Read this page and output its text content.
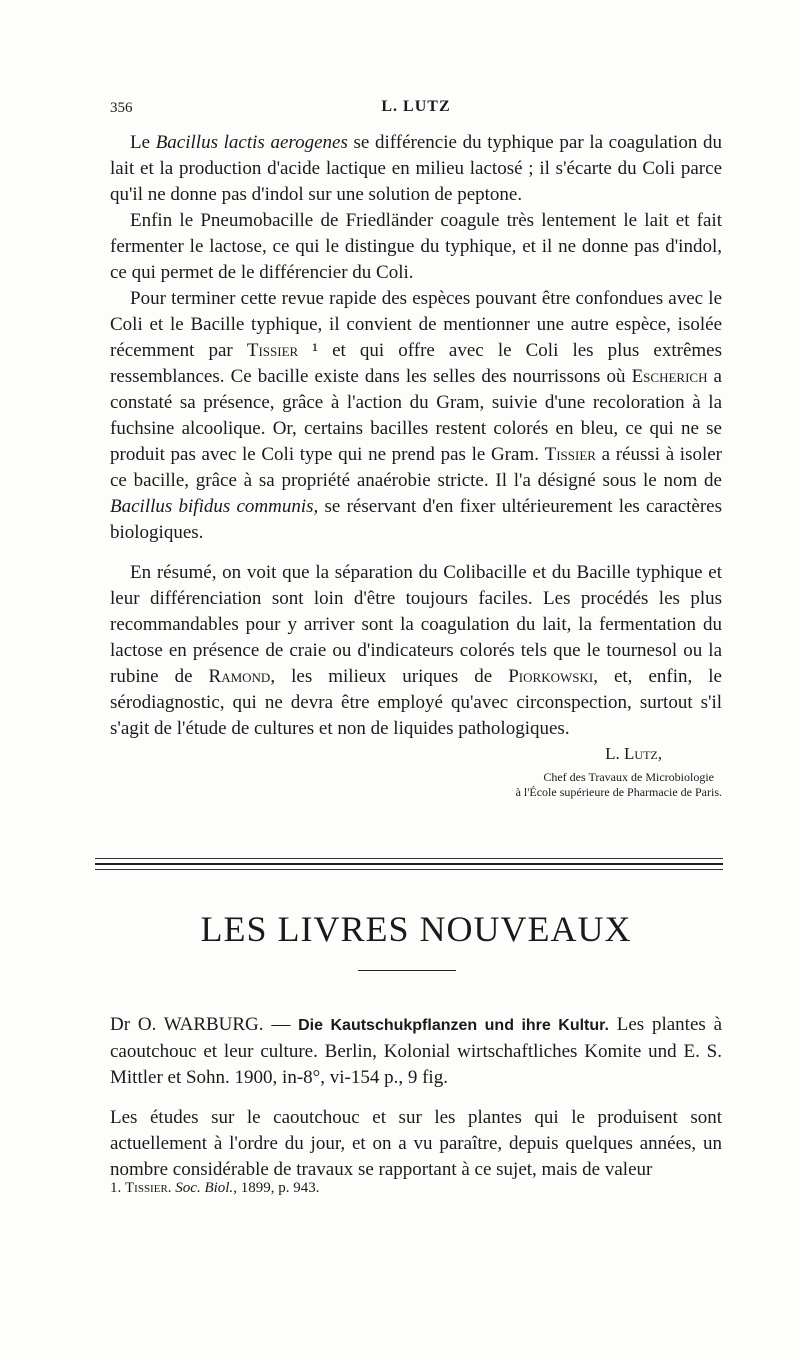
356	L. LUTZ

Le Bacillus lactis aerogenes se différencie du typhique par la coagulation du lait et la production d'acide lactique en milieu lactosé ; il s'écarte du Coli parce qu'il ne donne pas d'indol sur une solution de peptone.

Enfin le Pneumobacille de Friedländer coagule très lentement le lait et fait fermenter le lactose, ce qui le distingue du typhique, et il ne donne pas d'indol, ce qui permet de le différencier du Coli.

Pour terminer cette revue rapide des espèces pouvant être confondues avec le Coli et le Bacille typhique, il convient de mentionner une autre espèce, isolée récemment par Tissier ¹ et qui offre avec le Coli les plus extrêmes ressemblances. Ce bacille existe dans les selles des nourrissons où Escherich a constaté sa présence, grâce à l'action du Gram, suivie d'une recoloration à la fuchsine alcoolique. Or, certains bacilles restent colorés en bleu, ce qui ne se produit pas avec le Coli type qui ne prend pas le Gram. Tissier a réussi à isoler ce bacille, grâce à sa propriété anaérobie stricte. Il l'a désigné sous le nom de Bacillus bifidus communis, se réservant d'en fixer ultérieurement les caractères biologiques.

En résumé, on voit que la séparation du Colibacille et du Bacille typhique et leur différenciation sont loin d'être toujours faciles. Les procédés les plus recommandables pour y arriver sont la coagulation du lait, la fermentation du lactose en présence de craie ou d'indicateurs colorés tels que le tournesol ou la rubine de Ramond, les milieux uriques de Piorkowski, et, enfin, le sérodiagnostic, qui ne devra être employé qu'avec circonspection, surtout s'il s'agit de l'étude de cultures et non de liquides pathologiques.

L. Lutz,
Chef des Travaux de Microbiologie
à l'École supérieure de Pharmacie de Paris.
LES LIVRES NOUVEAUX

Dr O. WARBURG. — Die Kautschukpflanzen und ihre Kultur. Les plantes à caoutchouc et leur culture. Berlin, Kolonial wirtschaftliches Komite und E. S. Mittler et Sohn. 1900, in-8°, vi-154 p., 9 fig.

Les études sur le caoutchouc et sur les plantes qui le produisent sont actuellement à l'ordre du jour, et on a vu paraître, depuis quelques années, un nombre considérable de travaux se rapportant à ce sujet, mais de valeur

1. Tissier. Soc. Biol., 1899, p. 943.
